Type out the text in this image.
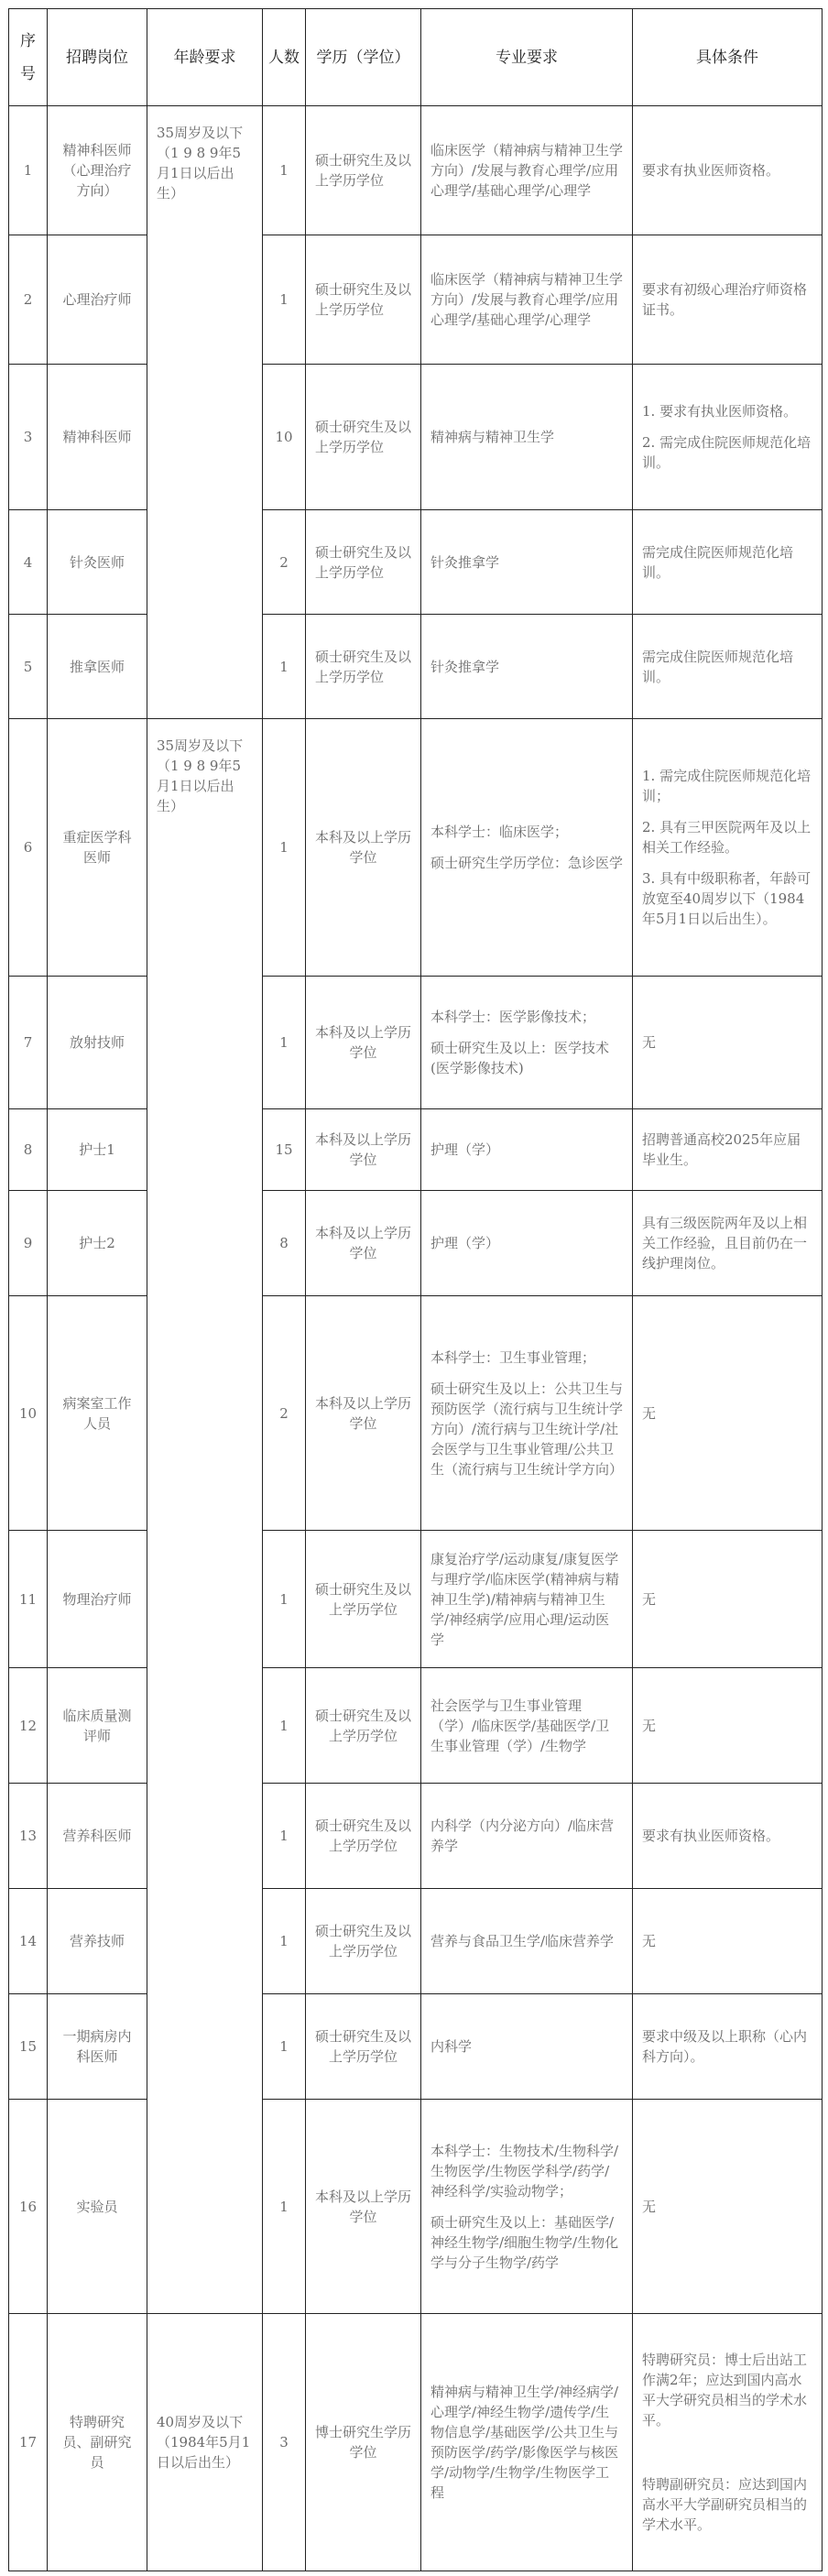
序号	招聘岗位	年龄要求	人数	学历（学位）	专业要求	具体条件
1	精神科医师（心理治疗方向）	35周岁及以下（1 9 8 9年5月1日以后出生）	1	硕士研究生及以上学历学位	临床医学（精神病与精神卫生学方向）/发展与教育心理学/应用心理学/基础心理学/心理学	要求有执业医师资格。

2	心理治疗师		1	硕士研究生及以上学历学位	临床医学（精神病与精神卫生学方向）/发展与教育心理学/应用心理学/基础心理学/心理学	要求有初级心理治疗师资格证书。

3	精神科医师		10	硕士研究生及以上学历学位	精神病与精神卫生学	1. 要求有执业医师资格。
2. 需完成住院医师规范化培训。

4	针灸医师		2	硕士研究生及以上学历学位	针灸推拿学	需完成住院医师规范化培训。

5	推拿医师		1	硕士研究生及以上学历学位	针灸推拿学	需完成住院医师规范化培训。

6	重症医学科医师	35周岁及以下（1 9 8 9年5月1日以后出生）	1	本科及以上学历学位	本科学士：临床医学；
硕士研究生学历学位：急诊医学	1. 需完成住院医师规范化培训；
2. 具有三甲医院两年及以上相关工作经验。
3. 具有中级职称者，年龄可放宽至40周岁以下（1984年5月1日以后出生）。

7	放射技师		1	本科及以上学历学位	本科学士：医学影像技术；
硕士研究生及以上：医学技术(医学影像技术)	无

8	护士1		15	本科及以上学历学位	护理（学）	招聘普通高校2025年应届毕业生。

9	护士2		8	本科及以上学历学位	护理（学）	具有三级医院两年及以上相关工作经验，且目前仍在一线护理岗位。

10	病案室工作人员		2	本科及以上学历学位	本科学士：卫生事业管理；
硕士研究生及以上：公共卫生与预防医学（流行病与卫生统计学方向）/流行病与卫生统计学/社会医学与卫生事业管理/公共卫生（流行病与卫生统计学方向）	无

11	物理治疗师		1	硕士研究生及以上学历学位	康复治疗学/运动康复/康复医学与理疗学/临床医学(精神病与精神卫生学)/精神病与精神卫生学/神经病学/应用心理/运动医学	无

12	临床质量测评师		1	硕士研究生及以上学历学位	社会医学与卫生事业管理（学）/临床医学/基础医学/卫生事业管理（学）/生物学	无

13	营养科医师		1	硕士研究生及以上学历学位	内科学（内分泌方向）/临床营养学	要求有执业医师资格。

14	营养技师		1	硕士研究生及以上学历学位	营养与食品卫生学/临床营养学	无

15	一期病房内科医师		1	硕士研究生及以上学历学位	内科学	要求中级及以上职称（心内科方向）。

16	实验员		1	本科及以上学历学位	本科学士：生物技术/生物科学/生物医学/生物医学科学/药学/神经科学/实验动物学；
硕士研究生及以上：基础医学/神经生物学/细胞生物学/生物化学与分子生物学/药学	无

17	特聘研究员、副研究员	40周岁及以下（1984年5月1日以后出生）	3	博士研究生学历学位	精神病与精神卫生学/神经病学/心理学/神经生物学/遗传学/生物信息学/基础医学/公共卫生与预防医学/药学/影像医学与核医学/动物学/生物学/生物医学工程	特聘研究员：博士后出站工作满2年；应达到国内高水平大学研究员相当的学术水平。
特聘副研究员：应达到国内高水平大学副研究员相当的学术水平。
